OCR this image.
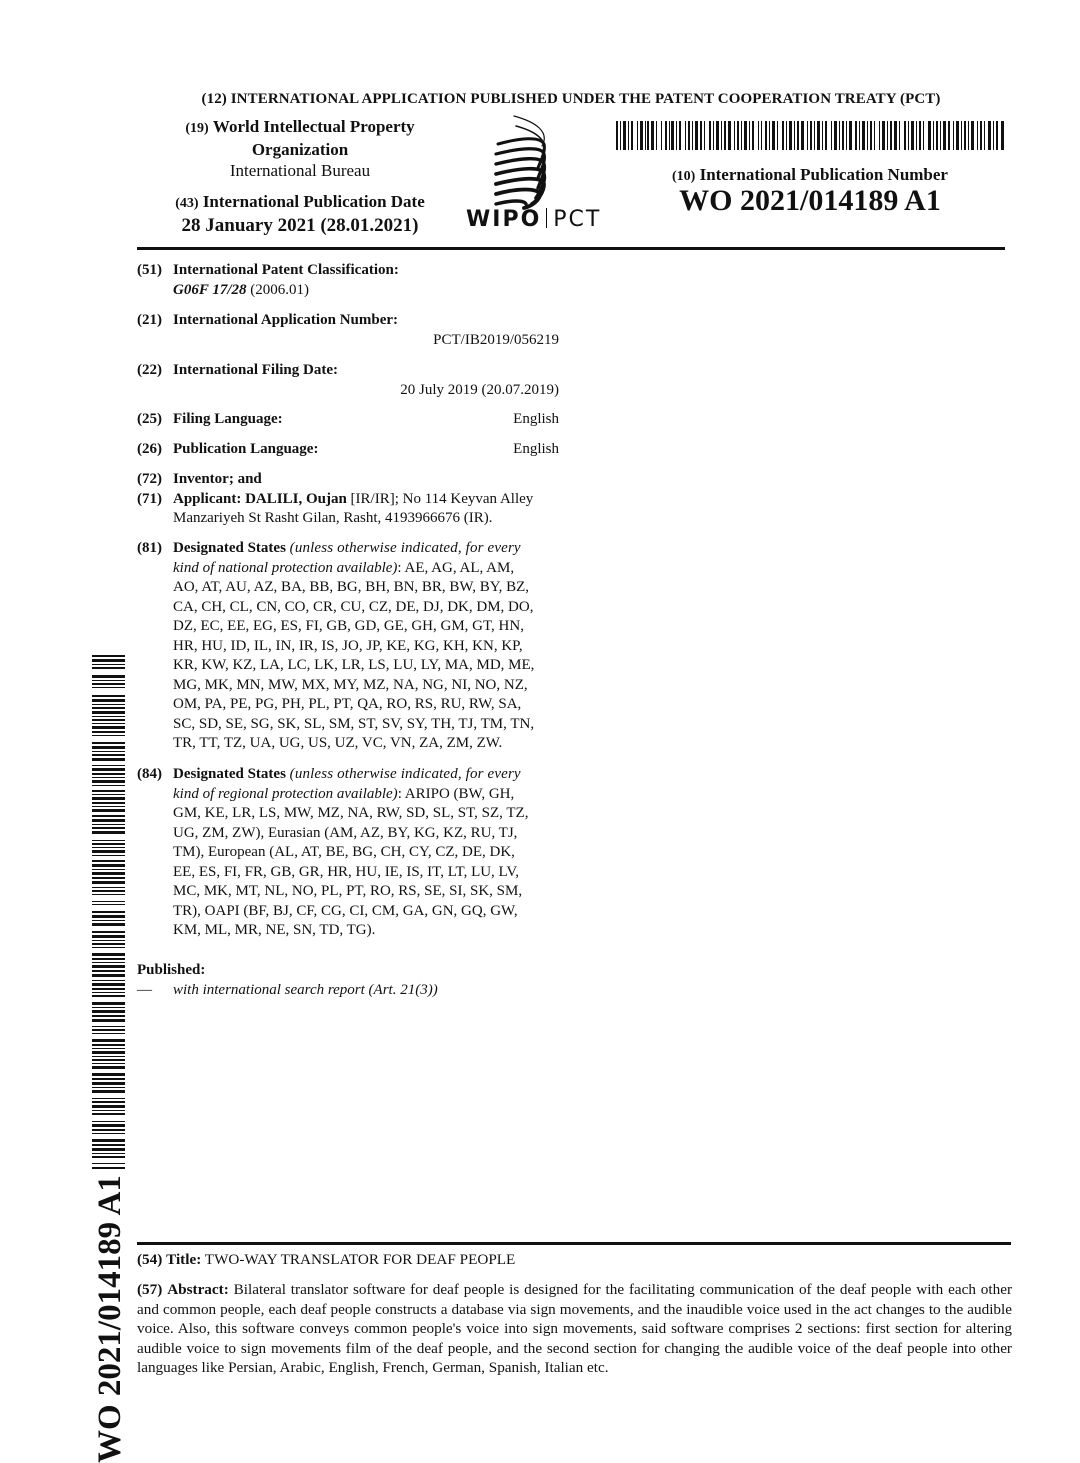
(12) INTERNATIONAL APPLICATION PUBLISHED UNDER THE PATENT COOPERATION TREATY (PCT)
(19) World Intellectual Property
Organization
International Bureau
(43) International Publication Date
28 January 2021 (28.01.2021)	WIPO PCT
(10) International Publication Number
WO 2021/014189 A1
(51) International Patent Classification:
G06F 17/28 (2006.01)
(21) International Application Number:
PCT/IB2019/056219
(22) International Filing Date:
20 July 2019 (20.07.2019)
(25) Filing Language:	English
(26) Publication Language:	English
(72) Inventor; and
(71) Applicant: DALILI, Oujan [IR/IR]; No 114 Keyvan Alley
Manzariyeh St Rasht Gilan, Rasht, 4193966676 (IR).
(81) Designated States (unless otherwise indicated, for every
kind of national protection available): AE, AG, AL, AM,
AO, AT, AU, AZ, BA, BB, BG, BH, BN, BR, BW, BY, BZ,
CA, CH, CL, CN, CO, CR, CU, CZ, DE, DJ, DK, DM, DO,
DZ, EC, EE, EG, ES, FI, GB, GD, GE, GH, GM, GT, HN,
HR, HU, ID, IL, IN, IR, IS, JO, JP, KE, KG, KH, KN, KP,
KR, KW, KZ, LA, LC, LK, LR, LS, LU, LY, MA, MD, ME,
MG, MK, MN, MW, MX, MY, MZ, NA, NG, NI, NO, NZ,
OM, PA, PE, PG, PH, PL, PT, QA, RO, RS, RU, RW, SA,
SC, SD, SE, SG, SK, SL, SM, ST, SV, SY, TH, TJ, TM, TN,
TR, TT, TZ, UA, UG, US, UZ, VC, VN, ZA, ZM, ZW.
(84) Designated States (unless otherwise indicated, for every
kind of regional protection available): ARIPO (BW, GH,
GM, KE, LR, LS, MW, MZ, NA, RW, SD, SL, ST, SZ, TZ,
UG, ZM, ZW), Eurasian (AM, AZ, BY, KG, KZ, RU, TJ,
TM), European (AL, AT, BE, BG, CH, CY, CZ, DE, DK,
EE, ES, FI, FR, GB, GR, HR, HU, IE, IS, IT, LT, LU, LV,
MC, MK, MT, NL, NO, PL, PT, RO, RS, SE, SI, SK, SM,
TR), OAPI (BF, BJ, CF, CG, CI, CM, GA, GN, GQ, GW,
KM, ML, MR, NE, SN, TD, TG).
Published:
— with international search report (Art. 21(3))
WO 2021/014189 A1 (54) Title: TWO-WAY TRANSLATOR FOR DEAF PEOPLE
(57) Abstract: Bilateral translator software for deaf people is designed for the facilitating communication of the deaf people with each other and common people, each deaf people constructs a database via sign movements, and the inaudible voice used in the act changes to the audible voice. Also, this software conveys common people's voice into sign movements, said software comprises 2 sections: first section for altering audible voice to sign movements film of the deaf people, and the second section for changing the audible voice of the deaf people into other languages like Persian, Arabic, English, French, German, Spanish, Italian etc.
